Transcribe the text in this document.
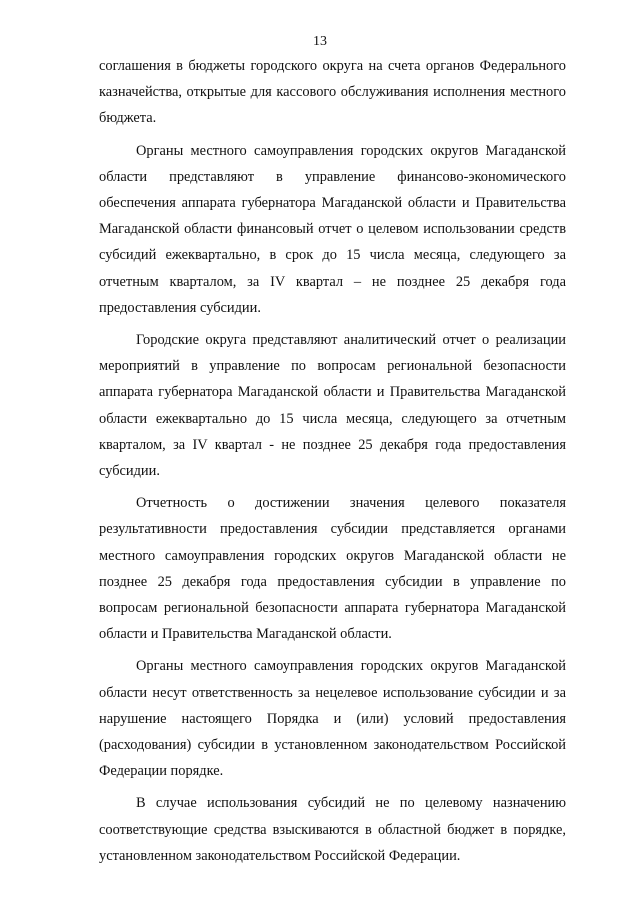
13

соглашения в бюджеты городского округа на счета органов Федерального казначейства, открытые для кассового обслуживания исполнения местного бюджета.

Органы местного самоуправления городских округов Магаданской области представляют в управление финансово-экономического обеспечения аппарата губернатора Магаданской области и Правительства Магаданской области финансовый отчет о целевом использовании средств субсидий ежеквартально, в срок до 15 числа месяца, следующего за отчетным кварталом, за IV квартал – не позднее 25 декабря года предоставления субсидии.

Городские округа представляют аналитический отчет о реализации мероприятий в управление по вопросам региональной безопасности аппарата губернатора Магаданской области и Правительства Магаданской области ежеквартально до 15 числа месяца, следующего за отчетным кварталом, за IV квартал - не позднее 25 декабря года предоставления субсидии.

Отчетность о достижении значения целевого показателя результативности предоставления субсидии представляется органами местного самоуправления городских округов Магаданской области не позднее 25 декабря года предоставления субсидии в управление по вопросам региональной безопасности аппарата губернатора Магаданской области и Правительства Магаданской области.

Органы местного самоуправления городских округов Магаданской области несут ответственность за нецелевое использование субсидии и за нарушение настоящего Порядка и (или) условий предоставления (расходования) субсидии в установленном законодательством Российской Федерации порядке.

В случае использования субсидий не по целевому назначению соответствующие средства взыскиваются в областной бюджет в порядке, установленном законодательством Российской Федерации.
